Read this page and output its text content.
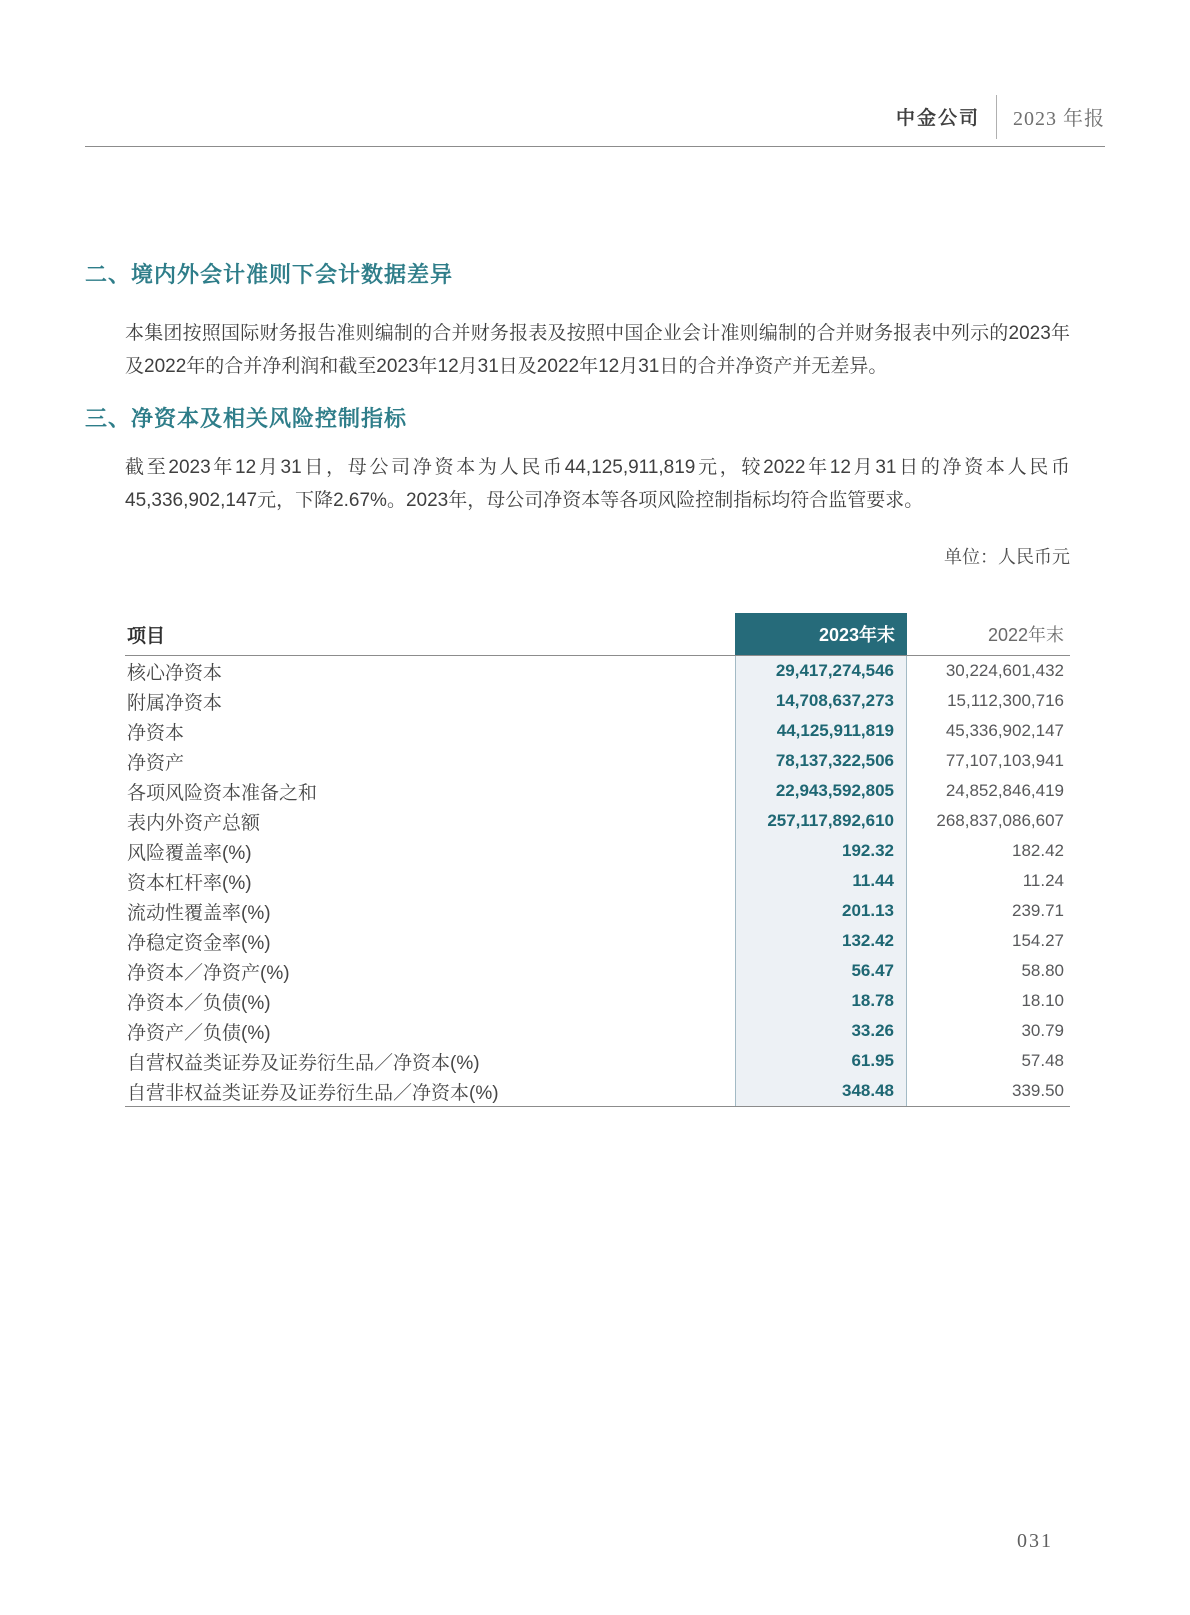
中金公司 2023 年报
二、境内外会计准则下会计数据差异

本集团按照国际财务报告准则编制的合并财务报表及按照中国企业会计准则编制的合并财务报表中列示的2023年及2022年的合并净利润和截至2023年12月31日及2022年12月31日的合并净资产并无差异。

三、净资本及相关风险控制指标

截至2023年12月31日，母公司净资本为人民币44,125,911,819元，较2022年12月31日的净资本人民币45,336,902,147元，下降2.67%。2023年，母公司净资本等各项风险控制指标均符合监管要求。

单位：人民币元
项目	2023年末	2022年末
核心净资本	29,417,274,546	30,224,601,432
附属净资本	14,708,637,273	15,112,300,716
净资本	44,125,911,819	45,336,902,147
净资产	78,137,322,506	77,107,103,941
各项风险资本准备之和	22,943,592,805	24,852,846,419
表内外资产总额	257,117,892,610	268,837,086,607
风险覆盖率(%)	192.32	182.42
资本杠杆率(%)	11.44	11.24
流动性覆盖率(%)	201.13	239.71
净稳定资金率(%)	132.42	154.27
净资本／净资产(%)	56.47	58.80
净资本／负债(%)	18.78	18.10
净资产／负债(%)	33.26	30.79
自营权益类证券及证券衍生品／净资本(%)	61.95	57.48
自营非权益类证券及证券衍生品／净资本(%)	348.48	339.50
031
